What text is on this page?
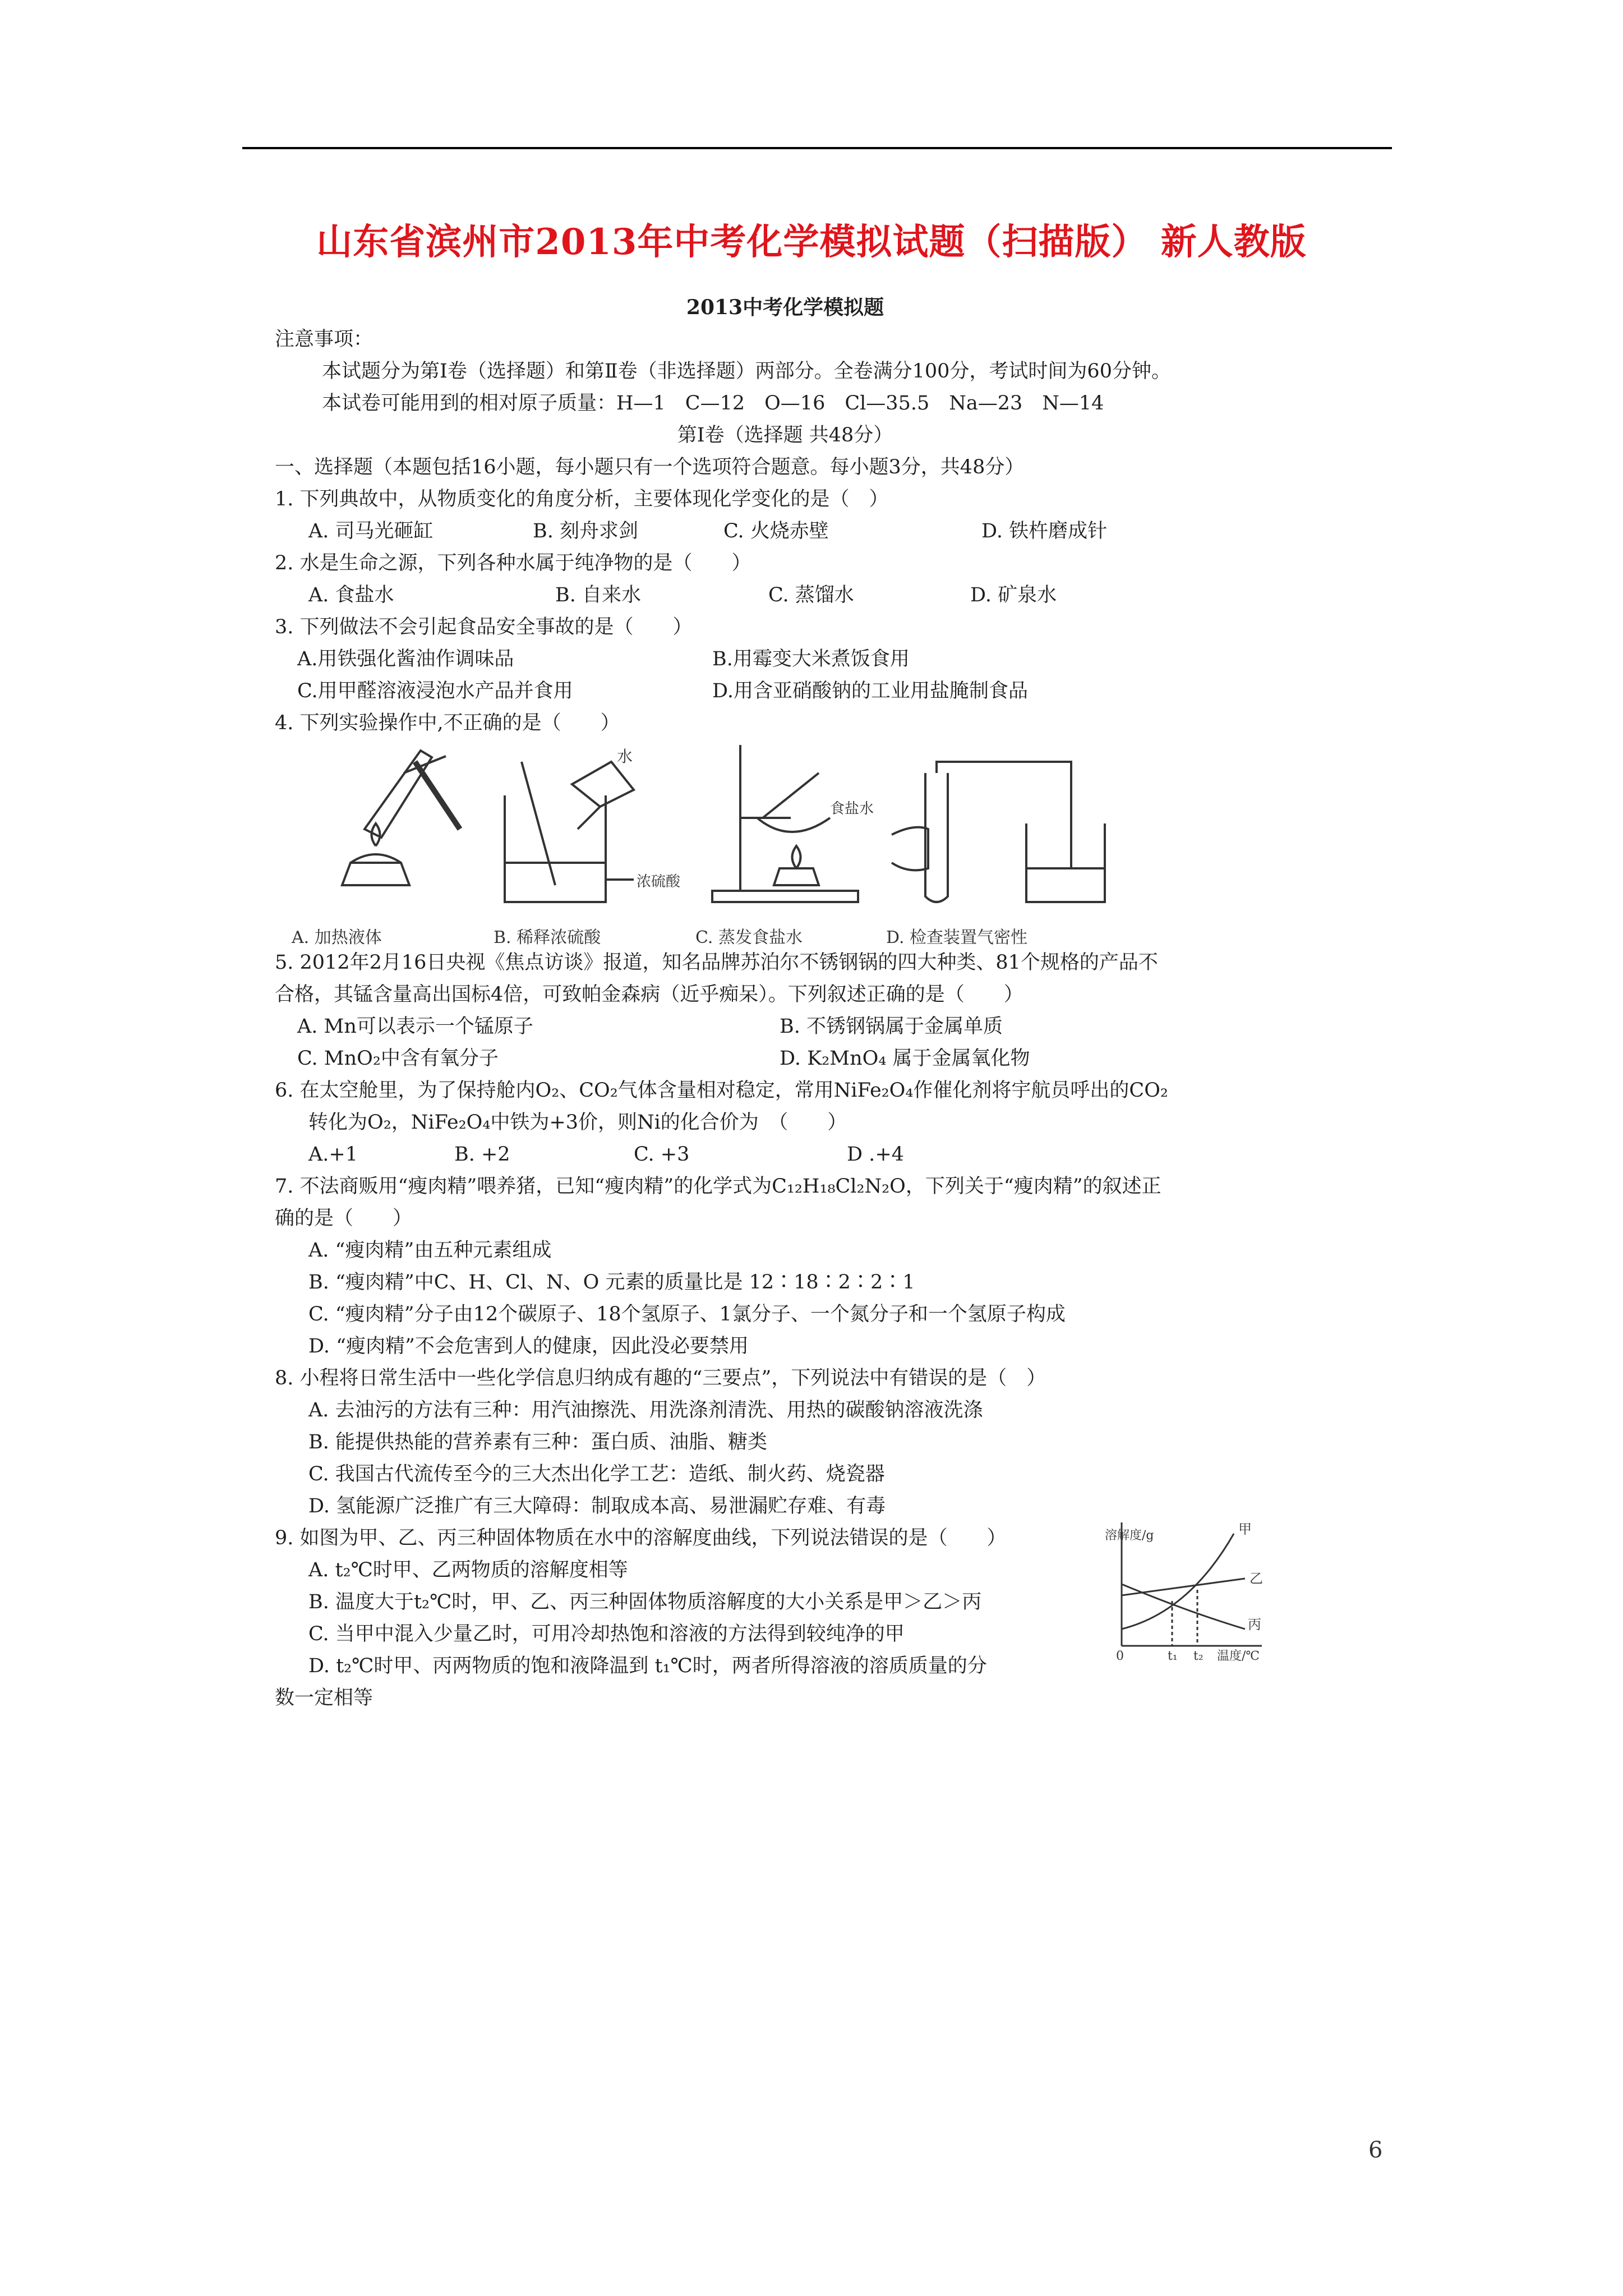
山东省滨州市2013年中考化学模拟试题（扫描版） 新人教版
2013中考化学模拟题
注意事项：
本试题分为第Ⅰ卷（选择题）和第Ⅱ卷（非选择题）两部分。全卷满分100分，考试时间为60分钟。
本试卷可能用到的相对原子质量：H—1　C—12　O—16　Cl—35.5　Na—23　N—14
第Ⅰ卷（选择题 共48分）
一、选择题（本题包括16小题，每小题只有一个选项符合题意。每小题3分，共48分）
1. 下列典故中，从物质变化的角度分析，主要体现化学变化的是（　）
A. 司马光砸缸	B. 刻舟求剑	C. 火烧赤壁	D. 铁杵磨成针
2. 水是生命之源，下列各种水属于纯净物的是（　　）
A. 食盐水	B. 自来水	C. 蒸馏水	D. 矿泉水
3. 下列做法不会引起食品安全事故的是（　　）
A.用铁强化酱油作调味品	B.用霉变大米煮饭食用
C.用甲醛溶液浸泡水产品并食用	D.用含亚硝酸钠的工业用盐腌制食品
4. 下列实验操作中,不正确的是（　　）
A. 加热液体
水
浓硫酸
B. 稀释浓硫酸
食盐水
C. 蒸发食盐水	D. 检查装置气密性
5. 2012年2月16日央视《焦点访谈》报道，知名品牌苏泊尔不锈钢锅的四大种类、81个规格的产品不
合格，其锰含量高出国标4倍，可致帕金森病（近乎痴呆）。下列叙述正确的是（　　）
A. Mn可以表示一个锰原子	B. 不锈钢锅属于金属单质
C. MnO₂中含有氧分子	D. K₂MnO₄ 属于金属氧化物
6. 在太空舱里，为了保持舱内O₂、CO₂气体含量相对稳定，常用NiFe₂O₄作催化剂将宇航员呼出的CO₂
转化为O₂，NiFe₂O₄中铁为+3价，则Ni的化合价为　（　　）
A.+1	B. +2	C. +3	D .+4
7. 不法商贩用“瘦肉精”喂养猪，已知“瘦肉精”的化学式为C₁₂H₁₈Cl₂N₂O，下列关于“瘦肉精”的叙述正
确的是（　　）
A. “瘦肉精”由五种元素组成
B. “瘦肉精”中C、H、Cl、N、O 元素的质量比是 12∶18∶2∶2∶1
C. “瘦肉精”分子由12个碳原子、18个氢原子、1氯分子、一个氮分子和一个氢原子构成
D. “瘦肉精”不会危害到人的健康，因此没必要禁用
8. 小程将日常生活中一些化学信息归纳成有趣的“三要点”，下列说法中有错误的是（　）
A. 去油污的方法有三种：用汽油擦洗、用洗涤剂清洗、用热的碳酸钠溶液洗涤
B. 能提供热能的营养素有三种：蛋白质、油脂、糖类
C. 我国古代流传至今的三大杰出化学工艺：造纸、制火药、烧瓷器
D. 氢能源广泛推广有三大障碍：制取成本高、易泄漏贮存难、有毒
9. 如图为甲、乙、丙三种固体物质在水中的溶解度曲线，下列说法错误的是（　　）
A. t₂℃时甲、乙两物质的溶解度相等
B. 温度大于t₂℃时，甲、乙、丙三种固体物质溶解度的大小关系是甲＞乙＞丙
C. 当甲中混入少量乙时，可用冷却热饱和溶液的方法得到较纯净的甲
D. t₂℃时甲、丙两物质的饱和液降温到 t₁℃时，两者所得溶液的溶质质量的分
数一定相等
溶解度/g
温度/℃
0	t₁ t₂
甲
乙
丙
6
